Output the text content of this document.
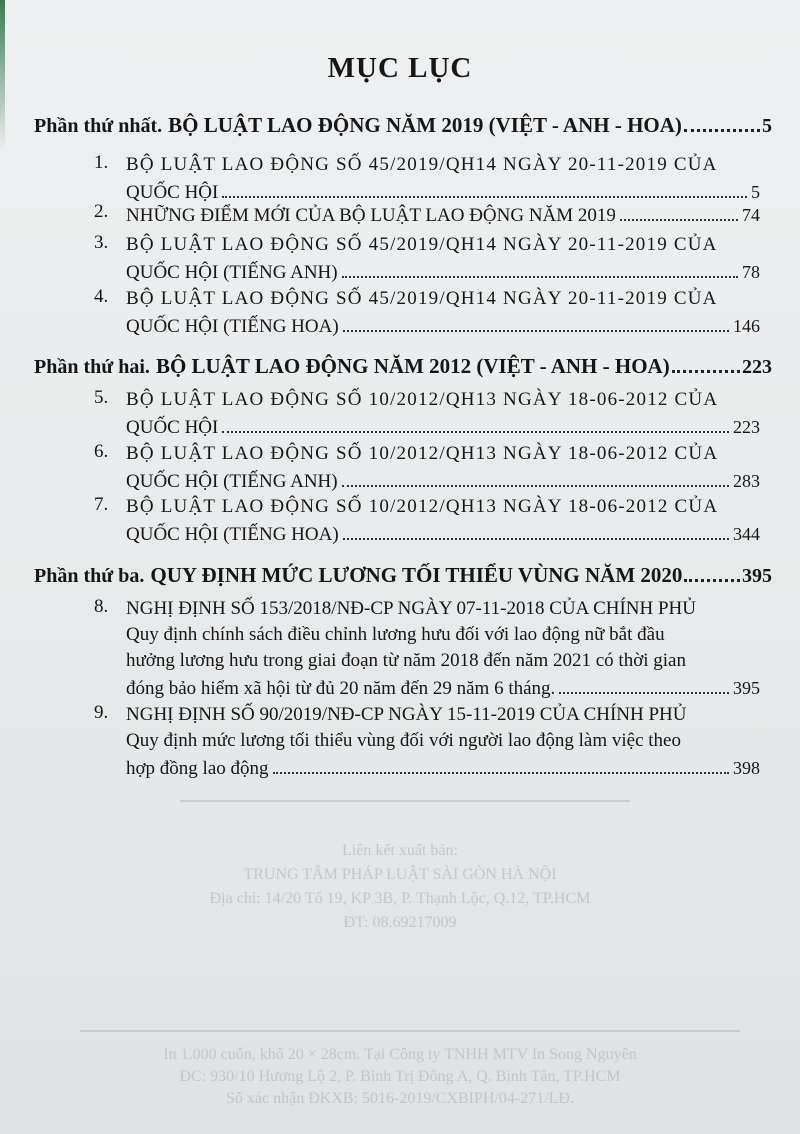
Liên kết xuất bản:
TRUNG TÂM PHÁP LUẬT SÀI GÒN HÀ NỘI
Địa chỉ: 14/20 Tổ 19, KP 3B, P. Thạnh Lộc, Q.12, TP.HCM
ĐT: 08.69217009
In 1.000 cuốn, khổ 20 × 28cm. Tại Công ty TNHH MTV In Song Nguyên
ĐC: 930/10 Hương Lộ 2, P. Bình Trị Đông A, Q. Bình Tân, TP.HCM
Số xác nhận ĐKXB: 5016-2019/CXBIPH/04-271/LĐ.
MỤC LỤC
Phần thứ nhất. BỘ LUẬT LAO ĐỘNG NĂM 2019 (VIỆT - ANH - HOA)	5
1. BỘ LUẬT LAO ĐỘNG SỐ 45/2019/QH14 NGÀY 20-11-2019 CỦA
QUỐC HỘI	5
2. NHỮNG ĐIỂM MỚI CỦA BỘ LUẬT LAO ĐỘNG NĂM 2019	74
3. BỘ LUẬT LAO ĐỘNG SỐ 45/2019/QH14 NGÀY 20-11-2019 CỦA
QUỐC HỘI (TIẾNG ANH)	78
4. BỘ LUẬT LAO ĐỘNG SỐ 45/2019/QH14 NGÀY 20-11-2019 CỦA
QUỐC HỘI (TIẾNG HOA)	146
Phần thứ hai. BỘ LUẬT LAO ĐỘNG NĂM 2012 (VIỆT - ANH - HOA)	223
5. BỘ LUẬT LAO ĐỘNG SỐ 10/2012/QH13 NGÀY 18-06-2012 CỦA
QUỐC HỘI	223
6. BỘ LUẬT LAO ĐỘNG SỐ 10/2012/QH13 NGÀY 18-06-2012 CỦA
QUỐC HỘI (TIẾNG ANH)	283
7. BỘ LUẬT LAO ĐỘNG SỐ 10/2012/QH13 NGÀY 18-06-2012 CỦA
QUỐC HỘI (TIẾNG HOA)	344
Phần thứ ba. QUY ĐỊNH MỨC LƯƠNG TỐI THIỂU VÙNG NĂM 2020	395
8. NGHỊ ĐỊNH SỐ 153/2018/NĐ-CP NGÀY 07-11-2018 CỦA CHÍNH PHỦ
Quy định chính sách điều chỉnh lương hưu đối với lao động nữ bắt đầu
hưởng lương hưu trong giai đoạn từ năm 2018 đến năm 2021 có thời gian
đóng bảo hiểm xã hội từ đủ 20 năm đến 29 năm 6 tháng.	395
9. NGHỊ ĐỊNH SỐ 90/2019/NĐ-CP NGÀY 15-11-2019 CỦA CHÍNH PHỦ
Quy định mức lương tối thiểu vùng đối với người lao động làm việc theo
hợp đồng lao động	398
